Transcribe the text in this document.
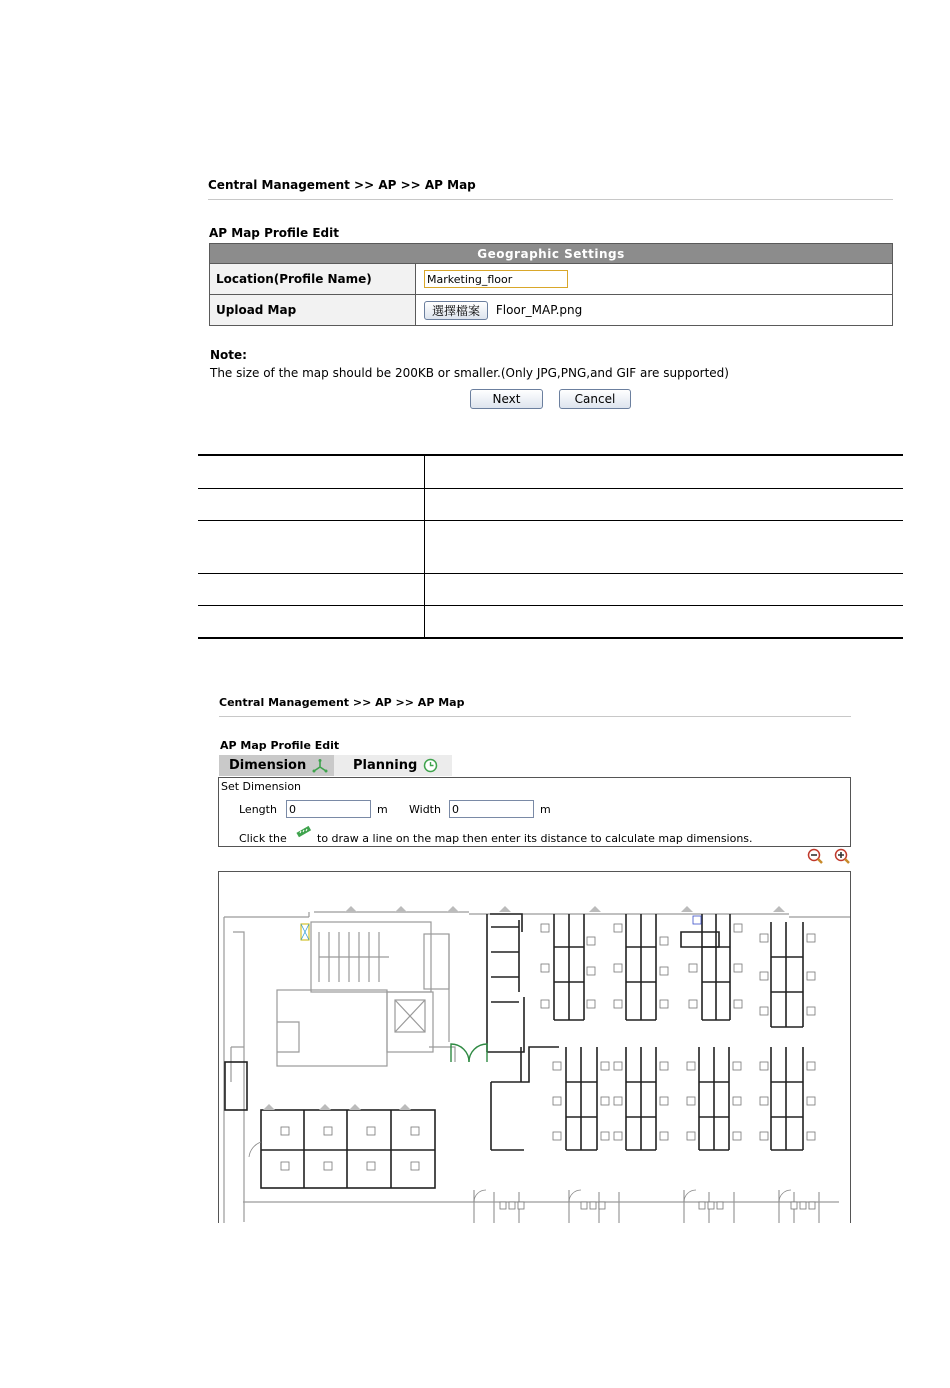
Central Management >> AP >> AP Map
AP Map Profile Edit
Geographic Settings	
Location(Profile Name)	Marketing_floor
Upload Map	選擇檔案 Floor_MAP.png
Note:
The size of the map should be 200KB or smaller.(Only JPG,PNG,and GIF are supported)
Next	Cancel
Central Management >> AP >> AP Map
AP Map Profile Edit
Dimension	Planning
Set Dimension
Length
0	m Width
0	m
Click the	to draw a line on the map then enter its distance to calculate map dimensions.
